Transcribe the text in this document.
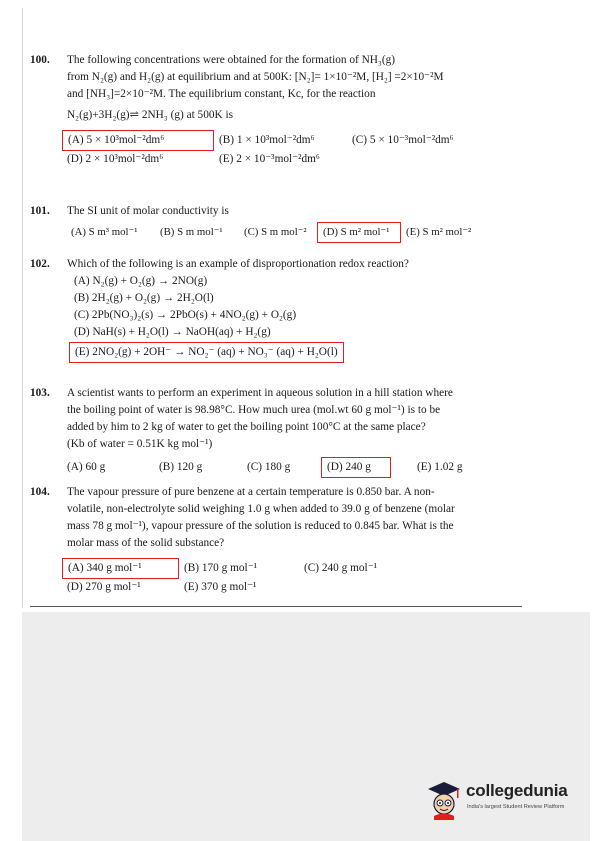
100. The following concentrations were obtained for the formation of NH₃(g)
from N₂(g) and H₂(g) at equilibrium and at 500K: [N₂]= 1×10⁻²M, [H₂] =2×10⁻²M
and [NH₃]=2×10⁻²M. The equilibrium constant, Kc, for the reaction
N₂(g)+3H₂(g)⇌ 2NH₃ (g) at 500K is
(A) 5 × 10³mol⁻²dm⁶	(B) 1 × 10³mol⁻²dm⁶	(C) 5 × 10⁻³mol⁻²dm⁶
(D) 2 × 10³mol⁻²dm⁶	(E) 2 × 10⁻³mol⁻²dm⁶
101. The SI unit of molar conductivity is
(A) S m³ mol⁻¹	(B) S m mol⁻¹	(C) S m mol⁻²	(D) S m² mol⁻¹	(E) S m² mol⁻²
102. Which of the following is an example of disproportionation redox reaction?
(A) N₂(g) + O₂(g) → 2NO(g)
(B) 2H₂(g) + O₂(g) → 2H₂O(l)
(C) 2Pb(NO₃)₂(s) → 2PbO(s) + 4NO₂(g) + O₂(g)
(D) NaH(s) + H₂O(l) → NaOH(aq) + H₂(g)
(E) 2NO₂(g) + 2OH⁻ → NO₂⁻ (aq) + NO₃⁻ (aq) + H₂O(l)
103. A scientist wants to perform an experiment in aqueous solution in a hill station where
the boiling point of water is 98.98°C. How much urea (mol.wt 60 g mol⁻¹) is to be
added by him to 2 kg of water to get the boiling point 100°C at the same place?
(Kb of water = 0.51K kg mol⁻¹)
(A) 60 g	(B) 120 g	(C) 180 g	(D) 240 g	(E) 1.02 g
104. The vapour pressure of pure benzene at a certain temperature is 0.850 bar. A non-
volatile, non-electrolyte solid weighing 1.0 g when added to 39.0 g of benzene (molar
mass 78 g mol⁻¹), vapour pressure of the solution is reduced to 0.845 bar. What is the
molar mass of the solid substance?
(A) 340 g mol⁻¹	(B) 170 g mol⁻¹	(C) 240 g mol⁻¹
(D) 270 g mol⁻¹	(E) 370 g mol⁻¹
collegedunia
India's largest Student Review Platform
